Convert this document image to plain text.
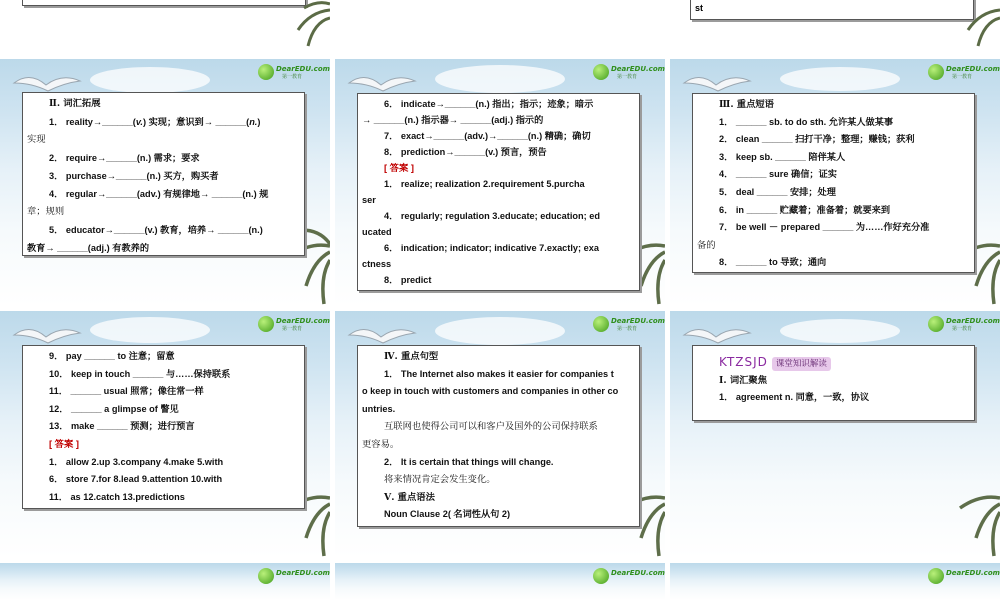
st
DearEDU.com
第一教育

Ⅱ. 词汇拓展

1． reality→______(v.) 实现；意识到→ ______(n.)

实现

2． require→______(n.) 需求；要求

3． purchase→______(n.) 买方，购买者

4． regular→______(adv.) 有规律地→ ______(n.) 规

章；规则

5． educator→______(v.) 教育，培养→ ______(n.)

教育→ ______(adj.) 有教养的

DearEDU.com
第一教育

6． indicate→______(n.) 指出；指示；迹象；暗示

→ ______(n.) 指示器→ ______(adj.) 指示的

7． exact→______(adv.)→______(n.) 精确；确切

8． prediction→______(v.) 预言，预告

[ 答案 ]

1． realize; realization 2.requirement 5.purcha

ser

4． regularly; regulation 3.educate; education; ed

ucated

6． indication; indicator; indicative 7.exactly; exa

ctness

8． predict

DearEDU.com
第一教育

Ⅲ. 重点短语

1． ______ sb. to do sth. 允许某人做某事

2． clean ______ 扫打干净；整理；赚钱；获利

3． keep sb. ______ 陪伴某人

4． ______ sure 确信；证实

5． deal ______ 安排；处理

6． in ______ 贮藏着；准备着；就要来到

7． be well － prepared ______ 为……作好充分准

备的

8． ______ to 导致；通向

DearEDU.com
第一教育

9． pay ______ to 注意；留意

10． keep in touch ______ 与……保持联系

11． ______ usual 照常；像往常一样

12． ______ a glimpse of 瞥见

13． make ______ 预测；进行预言

[ 答案 ]

1． allow 2.up 3.company 4.make 5.with

6． store 7.for 8.lead 9.attention 10.with

11． as 12.catch 13.predictions

DearEDU.com
第一教育

Ⅳ. 重点句型

1． The Internet also makes it easier for companies t

o keep in touch with customers and companies in other co

untries.

互联网也使得公司可以和客户及国外的公司保持联系

更容易。

2． It is certain that things will change.

将来情况肯定会发生变化。

Ⅴ. 重点语法

Noun Clause 2( 名词性从句 2)

DearEDU.com
第一教育

KTZSJD 课堂知识解读

Ⅰ. 词汇聚焦

1． agreement n. 同意，一致，协议

DearEDU.com	DearEDU.com	DearEDU.com
